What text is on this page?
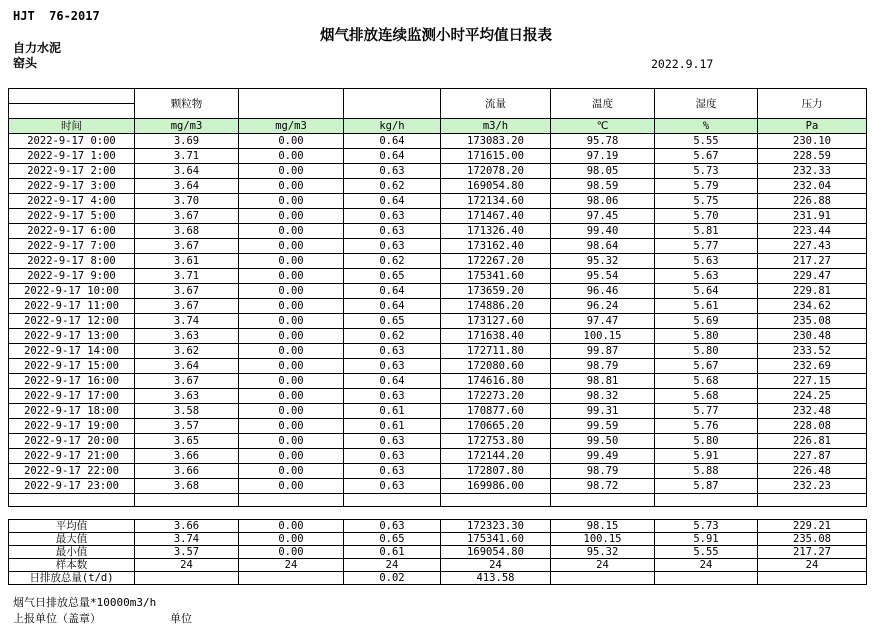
HJT  76-2017
烟气排放连续监测小时平均值日报表
自力水泥
窑头	2022.9.17
	颗粒物			流量	温度	湿度	压力

时间	mg/m3	mg/m3	kg/h	m3/h	℃	%	Pa
2022-9-17 0:00	3.69	0.00	0.64	173083.20	95.78	5.55	230.10
2022-9-17 1:00	3.71	0.00	0.64	171615.00	97.19	5.67	228.59
2022-9-17 2:00	3.64	0.00	0.63	172078.20	98.05	5.73	232.33
2022-9-17 3:00	3.64	0.00	0.62	169054.80	98.59	5.79	232.04
2022-9-17 4:00	3.70	0.00	0.64	172134.60	98.06	5.75	226.88
2022-9-17 5:00	3.67	0.00	0.63	171467.40	97.45	5.70	231.91
2022-9-17 6:00	3.68	0.00	0.63	171326.40	99.40	5.81	223.44
2022-9-17 7:00	3.67	0.00	0.63	173162.40	98.64	5.77	227.43
2022-9-17 8:00	3.61	0.00	0.62	172267.20	95.32	5.63	217.27
2022-9-17 9:00	3.71	0.00	0.65	175341.60	95.54	5.63	229.47
2022-9-17 10:00	3.67	0.00	0.64	173659.20	96.46	5.64	229.81
2022-9-17 11:00	3.67	0.00	0.64	174886.20	96.24	5.61	234.62
2022-9-17 12:00	3.74	0.00	0.65	173127.60	97.47	5.69	235.08
2022-9-17 13:00	3.63	0.00	0.62	171638.40	100.15	5.80	230.48
2022-9-17 14:00	3.62	0.00	0.63	172711.80	99.87	5.80	233.52
2022-9-17 15:00	3.64	0.00	0.63	172080.60	98.79	5.67	232.69
2022-9-17 16:00	3.67	0.00	0.64	174616.80	98.81	5.68	227.15
2022-9-17 17:00	3.63	0.00	0.63	172273.20	98.32	5.68	224.25
2022-9-17 18:00	3.58	0.00	0.61	170877.60	99.31	5.77	232.48
2022-9-17 19:00	3.57	0.00	0.61	170665.20	99.59	5.76	228.08
2022-9-17 20:00	3.65	0.00	0.63	172753.80	99.50	5.80	226.81
2022-9-17 21:00	3.66	0.00	0.63	172144.20	99.49	5.91	227.87
2022-9-17 22:00	3.66	0.00	0.63	172807.80	98.79	5.88	226.48
2022-9-17 23:00	3.68	0.00	0.63	169986.00	98.72	5.87	232.23

平均值	3.66	0.00	0.63	172323.30	98.15	5.73	229.21
最大值	3.74	0.00	0.65	175341.60	100.15	5.91	235.08
最小值	3.57	0.00	0.61	169054.80	95.32	5.55	217.27
样本数	24	24	24	24	24	24	24
日排放总量(t/d)			0.02	413.58			
烟气日排放总量*10000m3/h
上报单位（盖章）	单位
